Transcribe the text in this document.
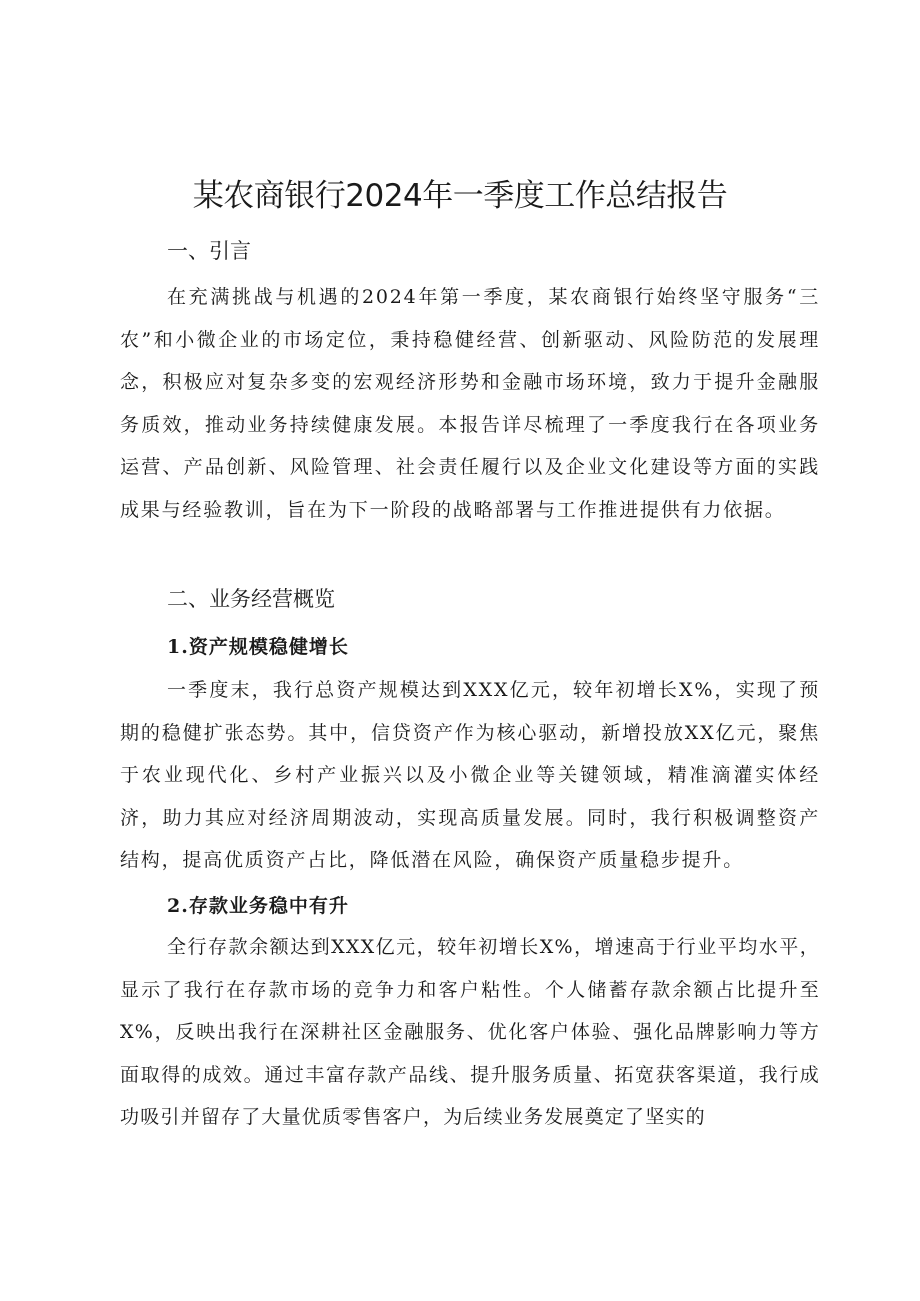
某农商银行2024年一季度工作总结报告
一、引言

在充满挑战与机遇的2024年第一季度，某农商银行始终坚守服务“三农”和小微企业的市场定位，秉持稳健经营、创新驱动、风险防范的发展理念，积极应对复杂多变的宏观经济形势和金融市场环境，致力于提升金融服务质效，推动业务持续健康发展。本报告详尽梳理了一季度我行在各项业务运营、产品创新、风险管理、社会责任履行以及企业文化建设等方面的实践成果与经验教训，旨在为下一阶段的战略部署与工作推进提供有力依据。

二、业务经营概览
1.资产规模稳健增长

一季度末，我行总资产规模达到XXX亿元，较年初增长X%，实现了预期的稳健扩张态势。其中，信贷资产作为核心驱动，新增投放XX亿元，聚焦于农业现代化、乡村产业振兴以及小微企业等关键领域，精准滴灌实体经济，助力其应对经济周期波动，实现高质量发展。同时，我行积极调整资产结构，提高优质资产占比，降低潜在风险，确保资产质量稳步提升。

2.存款业务稳中有升

全行存款余额达到XXX亿元，较年初增长X%，增速高于行业平均水平，显示了我行在存款市场的竞争力和客户粘性。个人储蓄存款余额占比提升至X%，反映出我行在深耕社区金融服务、优化客户体验、强化品牌影响力等方面取得的成效。通过丰富存款产品线、提升服务质量、拓宽获客渠道，我行成功吸引并留存了大量优质零售客户，为后续业务发展奠定了坚实的
